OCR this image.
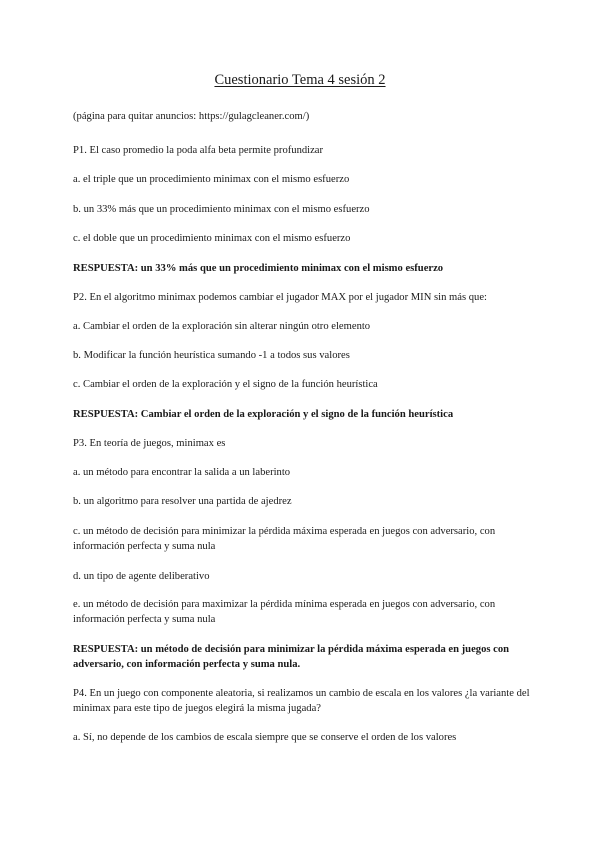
Cuestionario Tema 4 sesión 2
(página para quitar anuncios: https://gulagcleaner.com/)
P1. El caso promedio la poda alfa beta permite profundizar
a. el triple que un procedimiento minimax con el mismo esfuerzo
b. un 33% más que un procedimiento minimax con el mismo esfuerzo
c. el doble que un procedimiento minimax con el mismo esfuerzo
RESPUESTA: un 33% más que un procedimiento minimax con el mismo esfuerzo
P2. En el algoritmo minimax podemos cambiar el jugador MAX por el jugador MIN sin más que:
a. Cambiar el orden de la exploración sin alterar ningún otro elemento
b. Modificar la función heurística sumando -1 a todos sus valores
c. Cambiar el orden de la exploración y el signo de la función heurística
RESPUESTA: Cambiar el orden de la exploración y el signo de la función heurística
P3. En teoría de juegos, minimax es
a. un método para encontrar la salida a un laberinto
b. un algoritmo para resolver una partida de ajedrez
c. un método de decisión para minimizar la pérdida máxima esperada en juegos con adversario, con información perfecta y suma nula
d. un tipo de agente deliberativo
e. un método de decisión para maximizar la pérdida mínima esperada en juegos con adversario, con información perfecta y suma nula
RESPUESTA: un método de decisión para minimizar la pérdida máxima esperada en juegos con adversario, con información perfecta y suma nula.
P4. En un juego con componente aleatoria, si realizamos un cambio de escala en los valores ¿la variante del minimax para este tipo de juegos elegirá la misma jugada?
a. Sí, no depende de los cambios de escala siempre que se conserve el orden de los valores
